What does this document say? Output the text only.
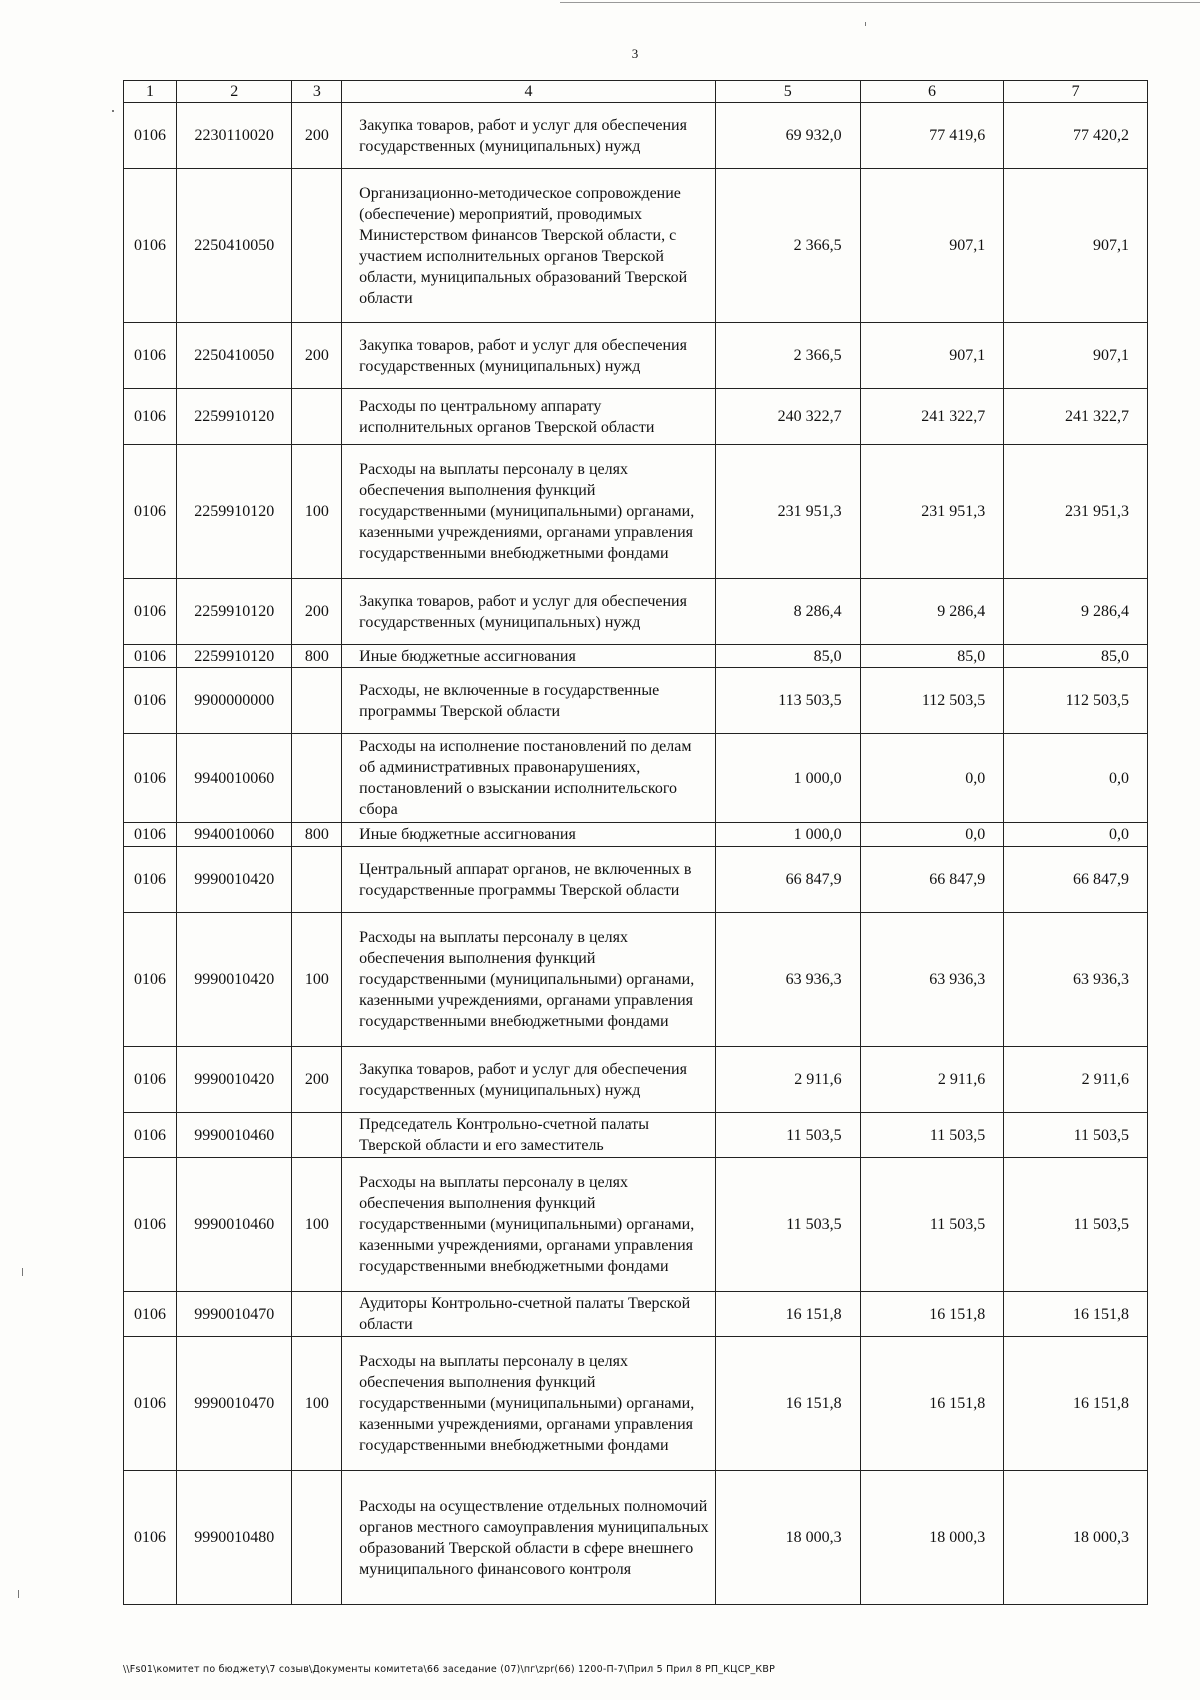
3
1	2	3	4	5	6	7
0106	2230110020	200	Закупка товаров, работ и услуг для обеспечения государственных (муниципальных) нужд	69 932,0	77 419,6	77 420,2
0106	2250410050		Организационно-методическое сопровождение (обеспечение) мероприятий, проводимых Министерством финансов Тверской области, с участием исполнительных органов Тверской области, муниципальных образований Тверской области	2 366,5	907,1	907,1
0106	2250410050	200	Закупка товаров, работ и услуг для обеспечения государственных (муниципальных) нужд	2 366,5	907,1	907,1
0106	2259910120		Расходы по центральному аппарату исполнительных органов Тверской области	240 322,7	241 322,7	241 322,7
0106	2259910120	100	Расходы на выплаты персоналу в целях обеспечения выполнения функций государственными (муниципальными) органами, казенными учреждениями, органами управления государственными внебюджетными фондами	231 951,3	231 951,3	231 951,3
0106	2259910120	200	Закупка товаров, работ и услуг для обеспечения государственных (муниципальных) нужд	8 286,4	9 286,4	9 286,4
0106	2259910120	800	Иные бюджетные ассигнования	85,0	85,0	85,0
0106	9900000000		Расходы, не включенные в государственные программы Тверской области	113 503,5	112 503,5	112 503,5
0106	9940010060		Расходы на исполнение постановлений по делам об административных правонарушениях, постановлений о взыскании исполнительского сбора	1 000,0	0,0	0,0
0106	9940010060	800	Иные бюджетные ассигнования	1 000,0	0,0	0,0
0106	9990010420		Центральный аппарат органов, не включенных в государственные программы Тверской области	66 847,9	66 847,9	66 847,9
0106	9990010420	100	Расходы на выплаты персоналу в целях обеспечения выполнения функций государственными (муниципальными) органами, казенными учреждениями, органами управления государственными внебюджетными фондами	63 936,3	63 936,3	63 936,3
0106	9990010420	200	Закупка товаров, работ и услуг для обеспечения государственных (муниципальных) нужд	2 911,6	2 911,6	2 911,6
0106	9990010460		Председатель Контрольно-счетной палаты Тверской области и его заместитель	11 503,5	11 503,5	11 503,5
0106	9990010460	100	Расходы на выплаты персоналу в целях обеспечения выполнения функций государственными (муниципальными) органами, казенными учреждениями, органами управления государственными внебюджетными фондами	11 503,5	11 503,5	11 503,5
0106	9990010470		Аудиторы Контрольно-счетной палаты Тверской области	16 151,8	16 151,8	16 151,8
0106	9990010470	100	Расходы на выплаты персоналу в целях обеспечения выполнения функций государственными (муниципальными) органами, казенными учреждениями, органами управления государственными внебюджетными фондами	16 151,8	16 151,8	16 151,8
0106	9990010480		Расходы на осуществление отдельных полномочий органов местного самоуправления муниципальных образований Тверской области в сфере внешнего муниципального финансового контроля	18 000,3	18 000,3	18 000,3
\\Fs01\комитет по бюджету\7 созыв\Документы комитета\66 заседание (07)\пг\zpr(66) 1200-П-7\Прил 5 Прил 8 РП_КЦСР_КВР
